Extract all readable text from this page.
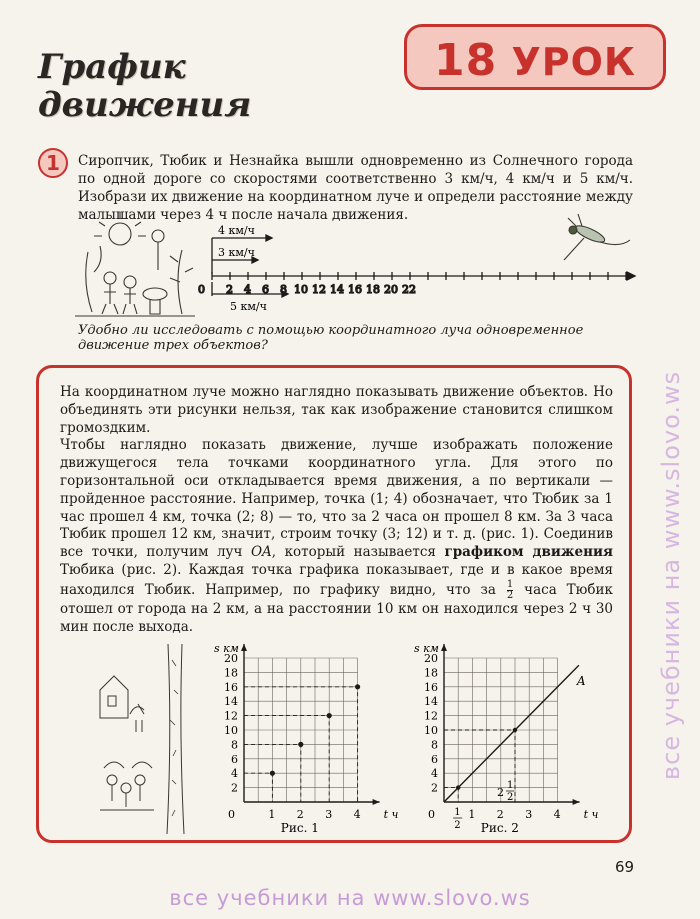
График
движения
18 УРОК
1	Сиропчик, Тюбик и Незнайка вышли одновременно из Солнечного города по одной дороге со скоростями соответственно 3 км/ч, 4 км/ч и 5 км/ч. Изобрази их движение на координатном луче и определи расстояние между малышами через 4 ч после начала движения.
4 км/ч
3 км/ч
5 км/ч
0 2 4 6 8 10 12 14 16 18 20 22
Удобно ли исследовать с помощью координатного луча одновременное движение трех объектов?

На координатном луче можно наглядно показывать движение объектов. Но объединять эти рисунки нельзя, так как изображение становится слишком громоздким.

Чтобы наглядно показать движение, лучше изображать положение движущегося тела точками координатного угла. Для этого по горизонтальной оси откладывается время движения, а по вертикали — пройденное расстояние. Например, точка (1; 4) обозначает, что Тюбик за 1 час прошел 4 км, точка (2; 8) — то, что за 2 часа он прошел 8 км. За 3 часа Тюбик прошел 12 км, значит, строим точку (3; 12) и т. д. (рис. 1). Соединив все точки, получим луч OA, который называется графиком движения Тюбика (рис. 2). Каждая точка графика показывает, где и в какое время находился Тюбик. Например, по графику видно, что за $\frac{1}{2}$ часа Тюбик отошел от города на 2 км, а на расстоянии 10 км он находился через 2 ч 30 мин после выхода.

s км
20
18
16
14
12
10
8
6
4
2
0	1 2 3 4 t ч
Рис. 1
s км
20
18
16
14
12
10
8
6
4
2
0	1 2 3 4 t ч
Рис. 2
A
1
2
2
1
2
69
все учебники на www.slovo.ws
все учебники на www.slovo.ws
